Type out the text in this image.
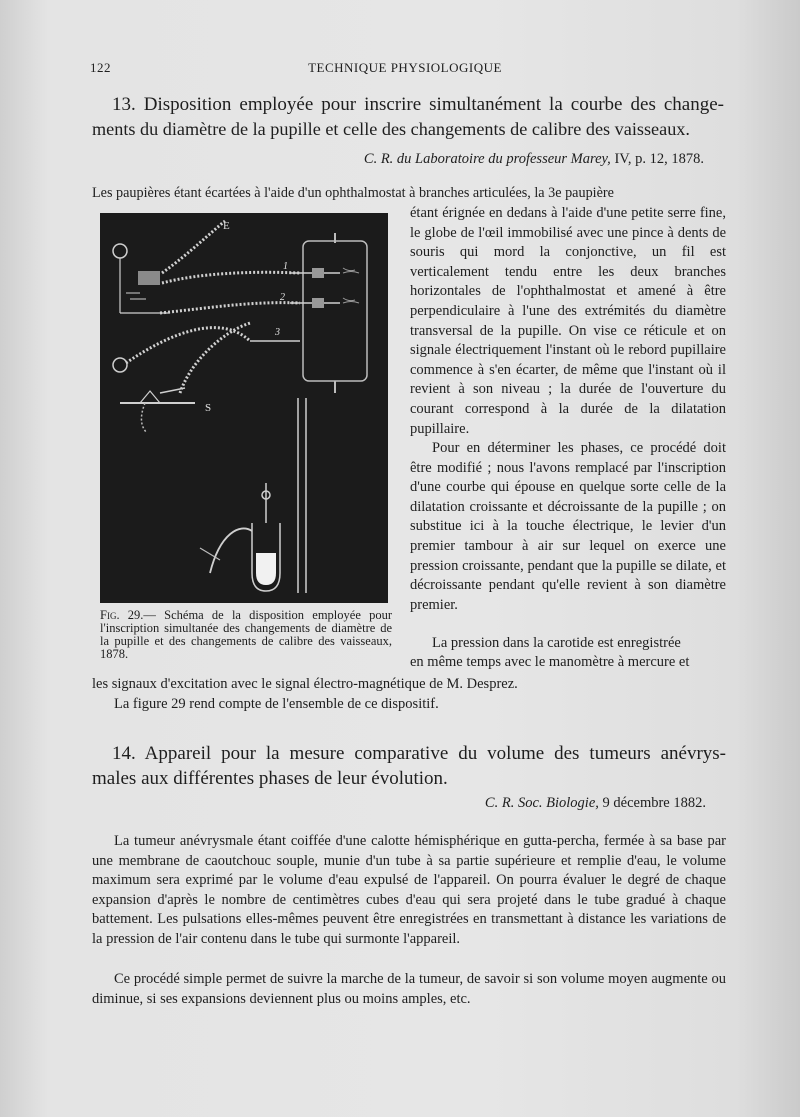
122	TECHNIQUE PHYSIOLOGIQUE
13. Disposition employée pour inscrire simultanément la courbe des change-
ments du diamètre de la pupille et celle des changements de calibre des vaisseaux.
C. R. du Laboratoire du professeur Marey, IV, p. 12, 1878.

Les paupières étant écartées à l'aide d'un ophthalmostat à branches articulées, la 3e paupière

E
1
2
3
S
Fig. 29.— Schéma de la disposition employée pour l'inscription simultanée des changements de diamètre de la pupille et des changements de calibre des vaisseaux, 1878.

étant érignée en dedans à l'aide d'une petite serre fine, le globe de l'œil immobilisé avec une pince à dents de souris qui mord la conjonctive, un fil est verticalement tendu entre les deux branches horizontales de l'ophthalmostat et amené à être perpendiculaire à l'une des extrémités du diamètre transversal de la pupille. On vise ce réticule et on signale électriquement l'instant où le rebord pupillaire commence à s'en écarter, de même que l'instant où il revient à son niveau ; la durée de l'ouverture du courant correspond à la durée de la dilatation pupillaire.

Pour en déterminer les phases, ce procédé doit être modifié ; nous l'avons remplacé par l'inscription d'une courbe qui épouse en quelque sorte celle de la dilatation croissante et décroissante de la pupille ; on substitue ici à la touche électrique, le levier d'un premier tambour à air sur lequel on exerce une pression croissante, pendant que la pupille se dilate, et décroissante pendant qu'elle revient à son diamètre premier.

La pression dans la carotide est enregistrée

en même temps avec le manomètre à mercure et

les signaux d'excitation avec le signal électro-magnétique de M. Desprez.

La figure 29 rend compte de l'ensemble de ce dispositif.

14. Appareil pour la mesure comparative du volume des tumeurs anévrys-
males aux différentes phases de leur évolution.
C. R. Soc. Biologie, 9 décembre 1882.

La tumeur anévrysmale étant coiffée d'une calotte hémisphérique en gutta-percha, fermée à sa base par une membrane de caoutchouc souple, munie d'un tube à sa partie supérieure et remplie d'eau, le volume maximum sera exprimé par le volume d'eau expulsé de l'appareil. On pourra évaluer le degré de chaque expansion d'après le nombre de centimètres cubes d'eau qui sera projeté dans le tube gradué à chaque battement. Les pulsations elles-mêmes peuvent être enregistrées en transmettant à distance les variations de la pression de l'air contenu dans le tube qui surmonte l'appareil.

Ce procédé simple permet de suivre la marche de la tumeur, de savoir si son volume moyen augmente ou diminue, si ses expansions deviennent plus ou moins amples, etc.
